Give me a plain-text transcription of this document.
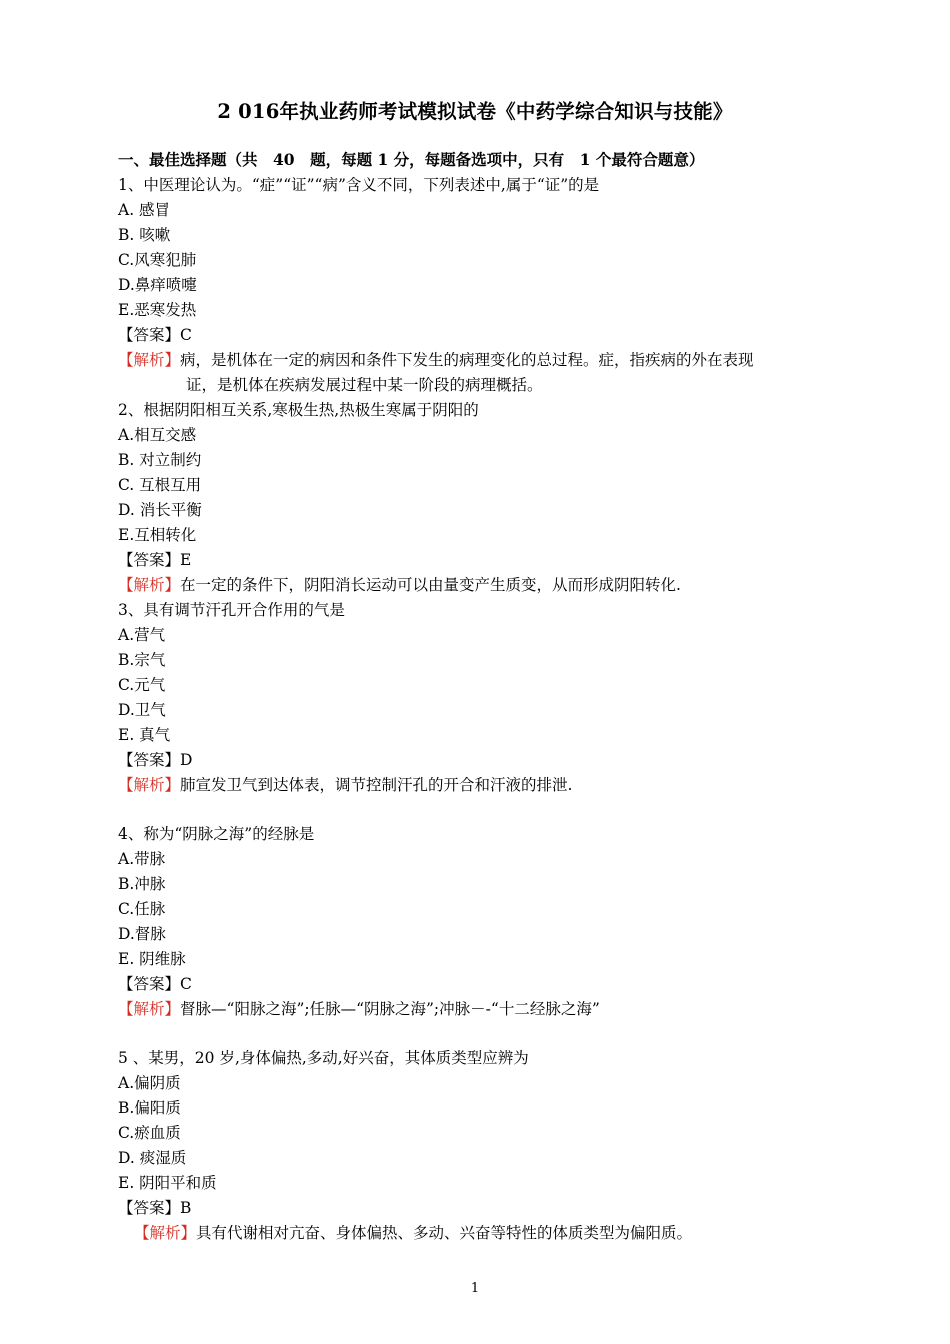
2 016年执业药师考试模拟试卷《中药学综合知识与技能》
一、最佳选择题（共　40　题，每题 1 分，每题备选项中，只有　1 个最符合题意）
1、中医理论认为。“症”“证”“病”含义不同，下列表述中,属于“证”的是
A. 感冒
B. 咳嗽
C.风寒犯肺
D.鼻痒喷嚏
E.恶寒发热
【答案】C
【解析】病，是机体在一定的病因和条件下发生的病理变化的总过程。症，指疾病的外在表现
证，是机体在疾病发展过程中某一阶段的病理概括。
2、根据阴阳相互关系,寒极生热,热极生寒属于阴阳的
A.相互交感
B. 对立制约
C. 互根互用
D. 消长平衡
E.互相转化
【答案】E
【解析】在一定的条件下，阴阳消长运动可以由量变产生质变，从而形成阴阳转化.
3、具有调节汗孔开合作用的气是
A.营气
B.宗气
C.元气
D.卫气
E. 真气
【答案】D
【解析】肺宣发卫气到达体表，调节控制汗孔的开合和汗液的排泄.
4、称为“阴脉之海”的经脉是
A.带脉
B.冲脉
C.任脉
D.督脉
E. 阴维脉
【答案】C
【解析】督脉—“阳脉之海”;任脉—“阴脉之海”;冲脉－-“十二经脉之海”
5 、某男，20 岁,身体偏热,多动,好兴奋，其体质类型应辨为
A.偏阴质
B.偏阳质
C.瘀血质
D. 痰湿质
E. 阴阳平和质
【答案】B
【解析】具有代谢相对亢奋、身体偏热、多动、兴奋等特性的体质类型为偏阳质。
1
